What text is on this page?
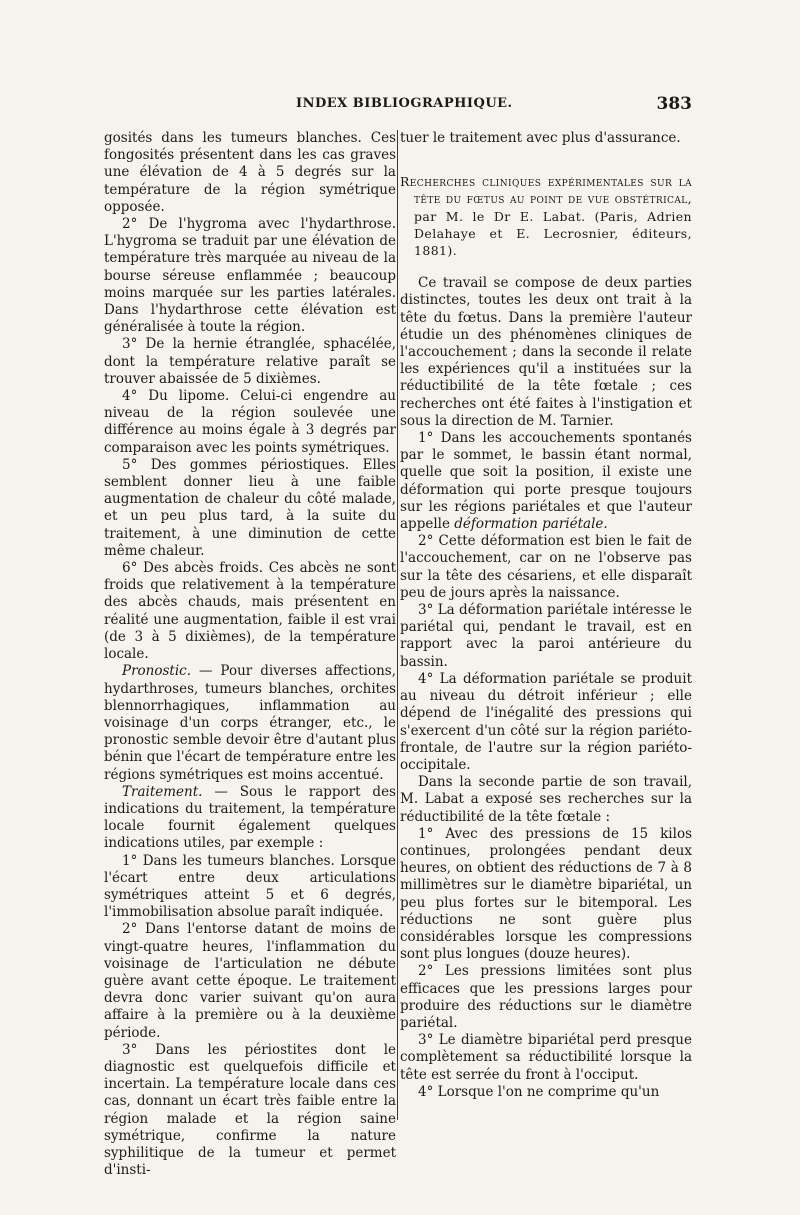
INDEX BIBLIOGRAPHIQUE.	383

gosités dans les tumeurs blanches. Ces fongosités présentent dans les cas graves une élévation de 4 à 5 degrés sur la température de la région symétrique opposée.

2° De l'hygroma avec l'hydarthrose. L'hygroma se traduit par une élévation de température très marquée au niveau de la bourse séreuse enflammée ; beaucoup moins marquée sur les parties latérales. Dans l'hydarthrose cette élévation est généralisée à toute la région.

3° De la hernie étranglée, sphacélée, dont la température relative paraît se trouver abaissée de 5 dixièmes.

4° Du lipome. Celui-ci engendre au niveau de la région soulevée une différence au moins égale à 3 degrés par comparaison avec les points symétriques.

5° Des gommes périostiques. Elles semblent donner lieu à une faible augmentation de chaleur du côté malade, et un peu plus tard, à la suite du traitement, à une diminution de cette même chaleur.

6° Des abcès froids. Ces abcès ne sont froids que relativement à la température des abcès chauds, mais présentent en réalité une augmentation, faible il est vrai (de 3 à 5 dixièmes), de la température locale.

Pronostic. — Pour diverses affections, hydarthroses, tumeurs blanches, orchites blennorrhagiques, inflammation au voisinage d'un corps étranger, etc., le pronostic semble devoir être d'autant plus bénin que l'écart de température entre les régions symétriques est moins accentué.

Traitement. — Sous le rapport des indications du traitement, la température locale fournit également quelques indications utiles, par exemple :

1° Dans les tumeurs blanches. Lorsque l'écart entre deux articulations symétriques atteint 5 et 6 degrés, l'immobilisation absolue paraît indiquée.

2° Dans l'entorse datant de moins de vingt-quatre heures, l'inflammation du voisinage de l'articulation ne débute guère avant cette époque. Le traitement devra donc varier suivant qu'on aura affaire à la première ou à la deuxième période.

3° Dans les périostites dont le diagnostic est quelquefois difficile et incertain. La température locale dans ces cas, donnant un écart très faible entre la région malade et la région saine symétrique, confirme la nature syphilitique de la tumeur et permet d'insti-

tuer le traitement avec plus d'assurance.

Recherches cliniques expérimentales sur la tête du fœtus au point de vue obstétrical, par M. le Dr E. Labat. (Paris, Adrien Delahaye et E. Lecrosnier, éditeurs, 1881).

Ce travail se compose de deux parties distinctes, toutes les deux ont trait à la tête du fœtus. Dans la première l'auteur étudie un des phénomènes cliniques de l'accouchement ; dans la seconde il relate les expériences qu'il a instituées sur la réductibilité de la tête fœtale ; ces recherches ont été faites à l'instigation et sous la direction de M. Tarnier.

1° Dans les accouchements spontanés par le sommet, le bassin étant normal, quelle que soit la position, il existe une déformation qui porte presque toujours sur les régions pariétales et que l'auteur appelle déformation pariétale.

2° Cette déformation est bien le fait de l'accouchement, car on ne l'observe pas sur la tête des césariens, et elle disparaît peu de jours après la naissance.

3° La déformation pariétale intéresse le pariétal qui, pendant le travail, est en rapport avec la paroi antérieure du bassin.

4° La déformation pariétale se produit au niveau du détroit inférieur ; elle dépend de l'inégalité des pressions qui s'exercent d'un côté sur la région pariéto-frontale, de l'autre sur la région pariéto-occipitale.

Dans la seconde partie de son travail, M. Labat a exposé ses recherches sur la réductibilité de la tête fœtale :

1° Avec des pressions de 15 kilos continues, prolongées pendant deux heures, on obtient des réductions de 7 à 8 millimètres sur le diamètre bipariétal, un peu plus fortes sur le bitemporal. Les réductions ne sont guère plus considérables lorsque les compressions sont plus longues (douze heures).

2° Les pressions limitées sont plus efficaces que les pressions larges pour produire des réductions sur le diamètre pariétal.

3° Le diamètre bipariétal perd presque complètement sa réductibilité lorsque la tête est serrée du front à l'occiput.

4° Lorsque l'on ne comprime qu'un
